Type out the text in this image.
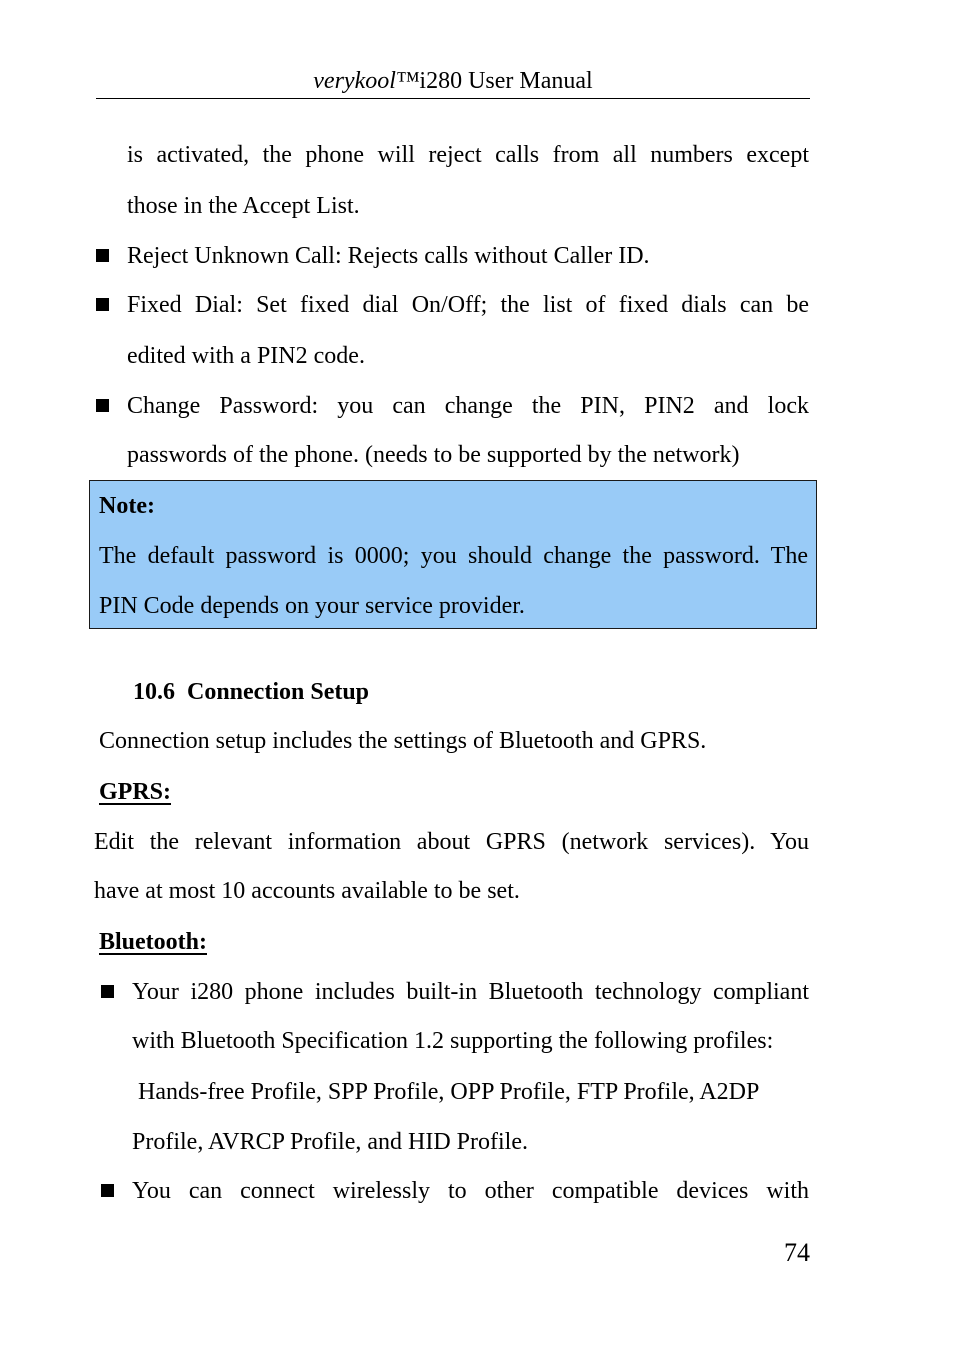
verykool™i280 User Manual
is activated, the phone will reject calls from all numbers except
those in the Accept List.
Reject Unknown Call: Rejects calls without Caller ID.
Fixed Dial: Set fixed dial On/Off; the list of fixed dials can be
edited with a PIN2 code.
Change Password: you can change the PIN, PIN2 and lock
passwords of the phone. (needs to be supported by the network)
Note:
The default password is 0000; you should change the password. The
PIN Code depends on your service provider.
10.6  Connection Setup
Connection setup includes the settings of Bluetooth and GPRS.
GPRS:
Edit the relevant information about GPRS (network services). You
have at most 10 accounts available to be set.
Bluetooth:
Your i280 phone includes built-in Bluetooth technology compliant
with Bluetooth Specification 1.2 supporting the following profiles:
Hands-free Profile, SPP Profile, OPP Profile, FTP Profile, A2DP
Profile, AVRCP Profile, and HID Profile.
You can connect wirelessly to other compatible devices with
74
